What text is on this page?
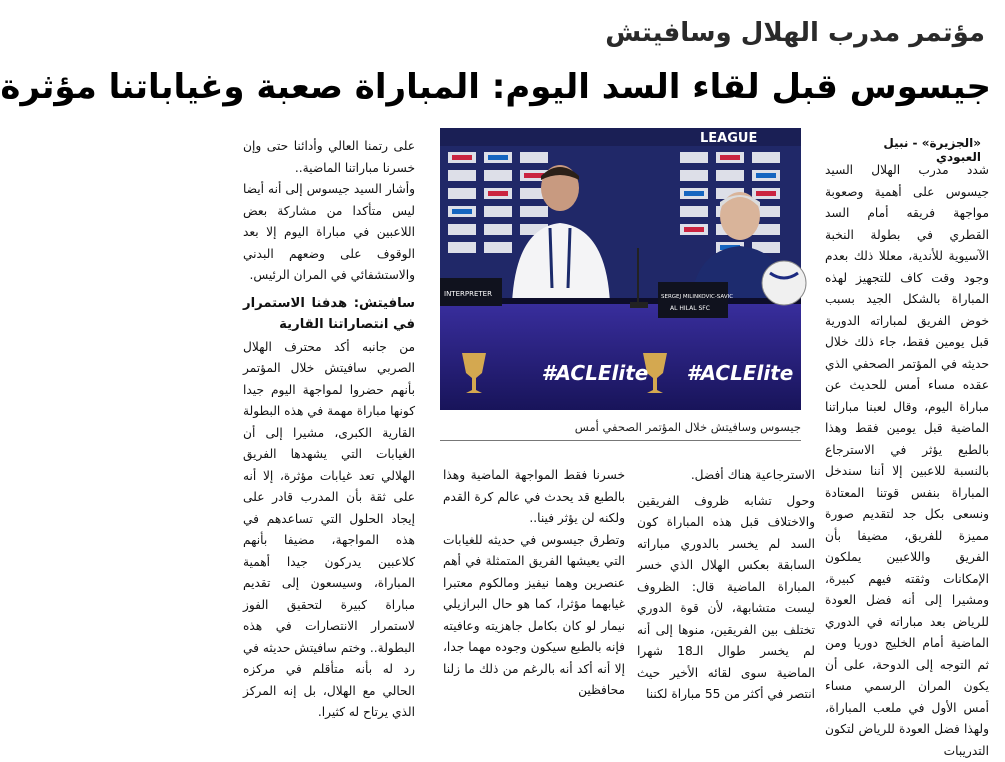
مؤتمر مدرب الهلال وسافيتش
جيسوس قبل لقاء السد اليوم: المباراة صعبة وغياباتنا مؤثرة
«الجزيرة» - نبيل العبودي

شدد مدرب الهلال السيد جيسوس على أهمية وصعوبة مواجهة فريقه أمام السد القطري في بطولة النخبة الآسيوية للأندية، معللا ذلك بعدم وجود وقت كاف للتجهيز لهذه المباراة بالشكل الجيد بسبب خوض الفريق لمباراته الدورية قبل يومين فقط، جاء ذلك خلال حديثه في المؤتمر الصحفي الذي عقده مساء أمس للحديث عن مباراة اليوم، وقال لعبنا مباراتنا الماضية قبل يومين فقط وهذا بالطبع يؤثر في الاسترجاع بالنسبة للاعبين إلا أننا سندخل المباراة بنفس قوتنا المعتادة ونسعى بكل جد لتقديم صورة مميزة للفريق، مضيفا بأن الفريق واللاعبين يملكون الإمكانات وثقته فيهم كبيرة، ومشيرا إلى أنه فضل العودة للرياض بعد مباراته في الدوري الماضية أمام الخليج دوريا ومن ثم التوجه إلى الدوحة، على أن يكون المران الرسمي مساء أمس الأول في ملعب المباراة، ولهذا فضل العودة للرياض لتكون التدريبات

LEAGUE
INTERPRETER	SERGEJ MILINKOVIC-SAVIC
AL HILAL SFC
#ACLElite #ACLElite
جيسوس وسافيتش خلال المؤتمر الصحفي أمس

الاسترجاعية هناك أفضل.

وحول تشابه ظروف الفريقين والاختلاف قبل هذه المباراة كون السد لم يخسر بالدوري مباراته السابقة بعكس الهلال الذي خسر المباراة الماضية قال: الظروف ليست متشابهة، لأن قوة الدوري تختلف بين الفريقين، منوها إلى أنه لم يخسر طوال الـ18 شهرا الماضية سوى لقائه الأخير حيث انتصر في أكثر من 55 مباراة لكننا

خسرنا فقط المواجهة الماضية وهذا بالطبع قد يحدث في عالم كرة القدم ولكنه لن يؤثر فينا..

وتطرق جيسوس في حديثه للغيابات التي يعيشها الفريق المتمثلة في أهم عنصرين وهما نيفيز ومالكوم معتبرا غيابهما مؤثرا، كما هو حال البرازيلي نيمار لو كان بكامل جاهزيته وعافيته فإنه بالطبع سيكون وجوده مهما جدا، إلا أنه أكد أنه بالرغم من ذلك ما زلنا محافظين

على رتمنا العالي وأدائنا حتى وإن خسرنا مباراتنا الماضية..

وأشار السيد جيسوس إلى أنه أيضا ليس متأكدا من مشاركة بعض اللاعبين في مباراة اليوم إلا بعد الوقوف على وضعهم البدني والاستشفائي في المران الرئيس.

سافيتش: هدفنا الاستمرار في انتصاراتنا القارية

من جانبه أكد محترف الهلال الصربي سافيتش خلال المؤتمر بأنهم حضروا لمواجهة اليوم جيدا كونها مباراة مهمة في هذه البطولة القارية الكبرى، مشيرا إلى أن الغيابات التي يشهدها الفريق الهلالي تعد غيابات مؤثرة، إلا أنه على ثقة بأن المدرب قادر على إيجاد الحلول التي تساعدهم في هذه المواجهة، مضيفا بأنهم كلاعبين يدركون جيدا أهمية المباراة، وسيسعون إلى تقديم مباراة كبيرة لتحقيق الفوز لاستمرار الانتصارات في هذه البطولة.. وختم سافيتش حديثه في رد له بأنه متأقلم في مركزه الحالي مع الهلال، بل إنه المركز الذي يرتاح له كثيرا.
